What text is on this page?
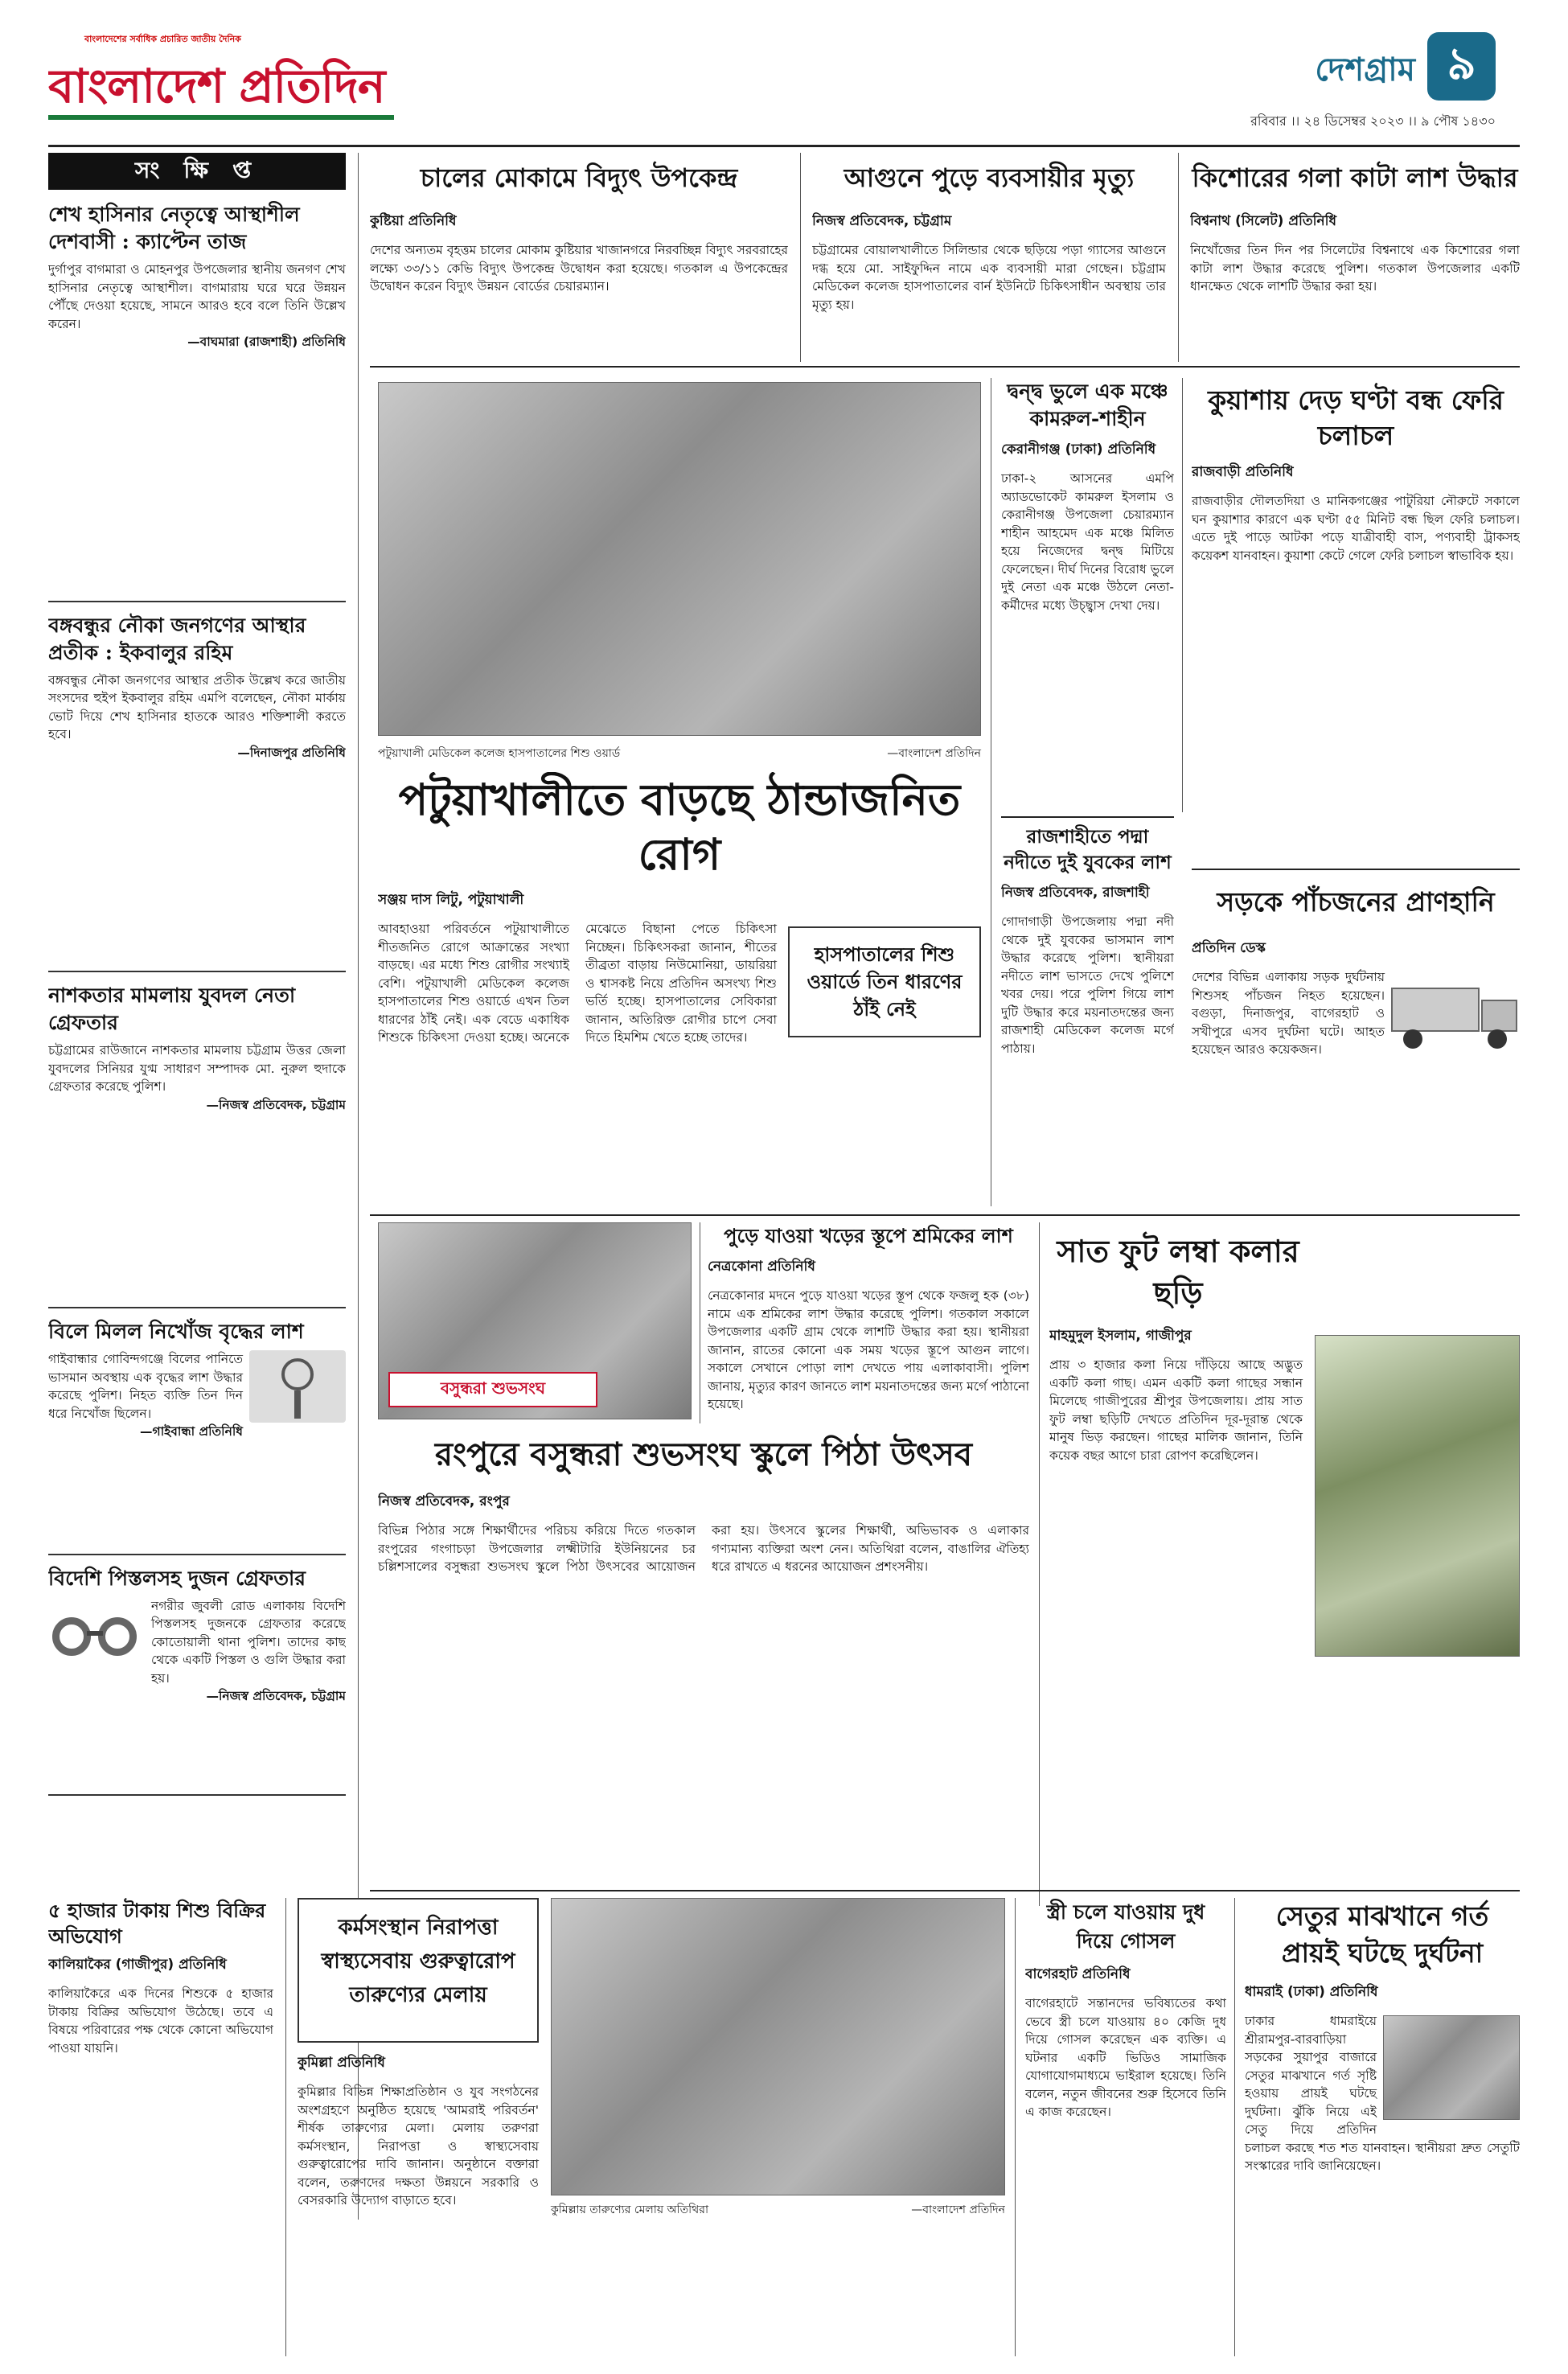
বাংলাদেশের সর্বাধিক প্রচারিত জাতীয় দৈনিক
বাংলাদেশ প্রতিদিন	দেশগ্রাম ৯
রবিবার ।। ২৪ ডিসেম্বর ২০২৩ ।। ৯ পৌষ ১৪৩০
সংক্ষিপ্ত
শেখ হাসিনার নেতৃত্বে আস্থাশীল দেশবাসী : ক্যাপ্টেন তাজ

দুর্গাপুর বাগমারা ও মোহনপুর উপজেলার স্থানীয় জনগণ শেখ হাসিনার নেতৃত্বে আস্থাশীল। বাগমারায় ঘরে ঘরে উন্নয়ন পৌঁছে দেওয়া হয়েছে, সামনে আরও হবে বলে তিনি উল্লেখ করেন।

—বাঘমারা (রাজশাহী) প্রতিনিধি

বঙ্গবন্ধুর নৌকা জনগণের আস্থার প্রতীক : ইকবালুর রহিম

বঙ্গবন্ধুর নৌকা জনগণের আস্থার প্রতীক উল্লেখ করে জাতীয় সংসদের হুইপ ইকবালুর রহিম এমপি বলেছেন, নৌকা মার্কায় ভোট দিয়ে শেখ হাসিনার হাতকে আরও শক্তিশালী করতে হবে।

—দিনাজপুর প্রতিনিধি

নাশকতার মামলায় যুবদল নেতা গ্রেফতার

চট্টগ্রামের রাউজানে নাশকতার মামলায় চট্টগ্রাম উত্তর জেলা যুবদলের সিনিয়র যুগ্ম সাধারণ সম্পাদক মো. নুরুল হুদাকে গ্রেফতার করেছে পুলিশ।

—নিজস্ব প্রতিবেদক, চট্টগ্রাম

বিলে মিলল নিখোঁজ বৃদ্ধের লাশ

গাইবান্ধার গোবিন্দগঞ্জে বিলের পানিতে ভাসমান অবস্থায় এক বৃদ্ধের লাশ উদ্ধার করেছে পুলিশ। নিহত ব্যক্তি তিন দিন ধরে নিখোঁজ ছিলেন।

—গাইবান্ধা প্রতিনিধি

বিদেশি পিস্তলসহ দুজন গ্রেফতার

নগরীর জুবলী রোড এলাকায় বিদেশি পিস্তলসহ দুজনকে গ্রেফতার করেছে কোতোয়ালী থানা পুলিশ। তাদের কাছ থেকে একটি পিস্তল ও গুলি উদ্ধার করা হয়।

—নিজস্ব প্রতিবেদক, চট্টগ্রাম

৫ হাজার টাকায় শিশু বিক্রির অভিযোগ
কালিয়াকৈর (গাজীপুর) প্রতিনিধি

কালিয়াকৈরে এক দিনের শিশুকে ৫ হাজার টাকায় বিক্রির অভিযোগ উঠেছে। তবে এ বিষয়ে পরিবারের পক্ষ থেকে কোনো অভিযোগ পাওয়া যায়নি।

চালের মোকামে বিদ্যুৎ উপকেন্দ্র
কুষ্টিয়া প্রতিনিধি

দেশের অন্যতম বৃহত্তম চালের মোকাম কুষ্টিয়ার খাজানগরে নিরবচ্ছিন্ন বিদ্যুৎ সরবরাহের লক্ষ্যে ৩৩/১১ কেভি বিদ্যুৎ উপকেন্দ্র উদ্বোধন করা হয়েছে। গতকাল এ উপকেন্দ্রের উদ্বোধন করেন বিদ্যুৎ উন্নয়ন বোর্ডের চেয়ারম্যান।

আগুনে পুড়ে ব্যবসায়ীর মৃত্যু
নিজস্ব প্রতিবেদক, চট্টগ্রাম

চট্টগ্রামের বোয়ালখালীতে সিলিন্ডার থেকে ছড়িয়ে পড়া গ্যাসের আগুনে দগ্ধ হয়ে মো. সাইফুদ্দিন নামে এক ব্যবসায়ী মারা গেছেন। চট্টগ্রাম মেডিকেল কলেজ হাসপাতালের বার্ন ইউনিটে চিকিৎসাধীন অবস্থায় তার মৃত্যু হয়।

কিশোরের গলা কাটা লাশ উদ্ধার
বিশ্বনাথ (সিলেট) প্রতিনিধি

নিখোঁজের তিন দিন পর সিলেটের বিশ্বনাথে এক কিশোরের গলা কাটা লাশ উদ্ধার করেছে পুলিশ। গতকাল উপজেলার একটি ধানক্ষেত থেকে লাশটি উদ্ধার করা হয়।

পটুয়াখালী মেডিকেল কলেজ হাসপাতালের শিশু ওয়ার্ড	—বাংলাদেশ প্রতিদিন
দ্বন্দ্ব ভুলে এক মঞ্চে কামরুল-শাহীন
কেরানীগঞ্জ (ঢাকা) প্রতিনিধি

ঢাকা-২ আসনের এমপি অ্যাডভোকেট কামরুল ইসলাম ও কেরানীগঞ্জ উপজেলা চেয়ারম্যান শাহীন আহমেদ এক মঞ্চে মিলিত হয়ে নিজেদের দ্বন্দ্ব মিটিয়ে ফেলেছেন। দীর্ঘ দিনের বিরোধ ভুলে দুই নেতা এক মঞ্চে উঠলে নেতা-কর্মীদের মধ্যে উচ্ছ্বাস দেখা দেয়।

কুয়াশায় দেড় ঘণ্টা বন্ধ ফেরি চলাচল
রাজবাড়ী প্রতিনিধি

রাজবাড়ীর দৌলতদিয়া ও মানিকগঞ্জের পাটুরিয়া নৌরুটে সকালে ঘন কুয়াশার কারণে এক ঘণ্টা ৫৫ মিনিট বন্ধ ছিল ফেরি চলাচল। এতে দুই পাড়ে আটকা পড়ে যাত্রীবাহী বাস, পণ্যবাহী ট্রাকসহ কয়েকশ যানবাহন। কুয়াশা কেটে গেলে ফেরি চলাচল স্বাভাবিক হয়।

রাজশাহীতে পদ্মা নদীতে দুই যুবকের লাশ
নিজস্ব প্রতিবেদক, রাজশাহী

গোদাগাড়ী উপজেলায় পদ্মা নদী থেকে দুই যুবকের ভাসমান লাশ উদ্ধার করেছে পুলিশ। স্থানীয়রা নদীতে লাশ ভাসতে দেখে পুলিশে খবর দেয়। পরে পুলিশ গিয়ে লাশ দুটি উদ্ধার করে ময়নাতদন্তের জন্য রাজশাহী মেডিকেল কলেজ মর্গে পাঠায়।

সড়কে পাঁচজনের প্রাণহানি
প্রতিদিন ডেস্ক

দেশের বিভিন্ন এলাকায় সড়ক দুর্ঘটনায় শিশুসহ পাঁচজন নিহত হয়েছেন। বগুড়া, দিনাজপুর, বাগেরহাট ও সখীপুরে এসব দুর্ঘটনা ঘটে। আহত হয়েছেন আরও কয়েকজন।

পটুয়াখালীতে বাড়ছে ঠান্ডাজনিত রোগ
সঞ্জয় দাস লিটু, পটুয়াখালী
হাসপাতালের শিশু ওয়ার্ডে তিন ধারণের ঠাঁই নেই

আবহাওয়া পরিবর্তনে পটুয়াখালীতে শীতজনিত রোগে আক্রান্তের সংখ্যা বাড়ছে। এর মধ্যে শিশু রোগীর সংখ্যাই বেশি। পটুয়াখালী মেডিকেল কলেজ হাসপাতালের শিশু ওয়ার্ডে এখন তিল ধারণের ঠাঁই নেই। এক বেডে একাধিক শিশুকে চিকিৎসা দেওয়া হচ্ছে। অনেকে মেঝেতে বিছানা পেতে চিকিৎসা নিচ্ছেন। চিকিৎসকরা জানান, শীতের তীব্রতা বাড়ায় নিউমোনিয়া, ডায়রিয়া ও শ্বাসকষ্ট নিয়ে প্রতিদিন অসংখ্য শিশু ভর্তি হচ্ছে। হাসপাতালের সেবিকারা জানান, অতিরিক্ত রোগীর চাপে সেবা দিতে হিমশিম খেতে হচ্ছে তাদের।

বসুন্ধরা শুভসংঘ
পুড়ে যাওয়া খড়ের স্তূপে শ্রমিকের লাশ
নেত্রকোনা প্রতিনিধি

নেত্রকোনার মদনে পুড়ে যাওয়া খড়ের স্তূপ থেকে ফজলু হক (৩৮) নামে এক শ্রমিকের লাশ উদ্ধার করেছে পুলিশ। গতকাল সকালে উপজেলার একটি গ্রাম থেকে লাশটি উদ্ধার করা হয়। স্থানীয়রা জানান, রাতের কোনো এক সময় খড়ের স্তূপে আগুন লাগে। সকালে সেখানে পোড়া লাশ দেখতে পায় এলাকাবাসী। পুলিশ জানায়, মৃত্যুর কারণ জানতে লাশ ময়নাতদন্তের জন্য মর্গে পাঠানো হয়েছে।

সাত ফুট লম্বা কলার ছড়ি
মাহমুদুল ইসলাম, গাজীপুর

প্রায় ৩ হাজার কলা নিয়ে দাঁড়িয়ে আছে অদ্ভুত একটি কলা গাছ। এমন একটি কলা গাছের সন্ধান মিলেছে গাজীপুরের শ্রীপুর উপজেলায়। প্রায় সাত ফুট লম্বা ছড়িটি দেখতে প্রতিদিন দূর-দূরান্ত থেকে মানুষ ভিড় করছেন। গাছের মালিক জানান, তিনি কয়েক বছর আগে চারা রোপণ করেছিলেন।

রংপুরে বসুন্ধরা শুভসংঘ স্কুলে পিঠা উৎসব
নিজস্ব প্রতিবেদক, রংপুর

বিভিন্ন পিঠার সঙ্গে শিক্ষার্থীদের পরিচয় করিয়ে দিতে গতকাল রংপুরের গংগাচড়া উপজেলার লক্ষ্মীটারি ইউনিয়নের চর চল্লিশসালের বসুন্ধরা শুভসংঘ স্কুলে পিঠা উৎসবের আয়োজন করা হয়। উৎসবে স্কুলের শিক্ষার্থী, অভিভাবক ও এলাকার গণ্যমান্য ব্যক্তিরা অংশ নেন। অতিথিরা বলেন, বাঙালির ঐতিহ্য ধরে রাখতে এ ধরনের আয়োজন প্রশংসনীয়।

কর্মসংস্থান নিরাপত্তা স্বাস্থ্যসেবায় গুরুত্বারোপ তারুণ্যের মেলায়
কুমিল্লায় তারুণ্যের মেলায় অতিথিরা	—বাংলাদেশ প্রতিদিন
কুমিল্লা প্রতিনিধি

কুমিল্লার বিভিন্ন শিক্ষাপ্রতিষ্ঠান ও যুব সংগঠনের অংশগ্রহণে অনুষ্ঠিত হয়েছে 'আমরাই পরিবর্তন' শীর্ষক তারুণ্যের মেলা। মেলায় তরুণরা কর্মসংস্থান, নিরাপত্তা ও স্বাস্থ্যসেবায় গুরুত্বারোপের দাবি জানান। অনুষ্ঠানে বক্তারা বলেন, তরুণদের দক্ষতা উন্নয়নে সরকারি ও বেসরকারি উদ্যোগ বাড়াতে হবে।

স্ত্রী চলে যাওয়ায় দুধ দিয়ে গোসল
বাগেরহাট প্রতিনিধি

বাগেরহাটে সন্তানদের ভবিষ্যতের কথা ভেবে স্ত্রী চলে যাওয়ায় ৪০ কেজি দুধ দিয়ে গোসল করেছেন এক ব্যক্তি। এ ঘটনার একটি ভিডিও সামাজিক যোগাযোগমাধ্যমে ভাইরাল হয়েছে। তিনি বলেন, নতুন জীবনের শুরু হিসেবে তিনি এ কাজ করেছেন।

সেতুর মাঝখানে গর্ত প্রায়ই ঘটছে দুর্ঘটনা
ধামরাই (ঢাকা) প্রতিনিধি

ঢাকার ধামরাইয়ে শ্রীরামপুর-বারবাড়িয়া সড়কের সুয়াপুর বাজারে সেতুর মাঝখানে গর্ত সৃষ্টি হওয়ায় প্রায়ই ঘটছে দুর্ঘটনা। ঝুঁকি নিয়ে এই সেতু দিয়ে প্রতিদিন চলাচল করছে শত শত যানবাহন। স্থানীয়রা দ্রুত সেতুটি সংস্কারের দাবি জানিয়েছেন।
